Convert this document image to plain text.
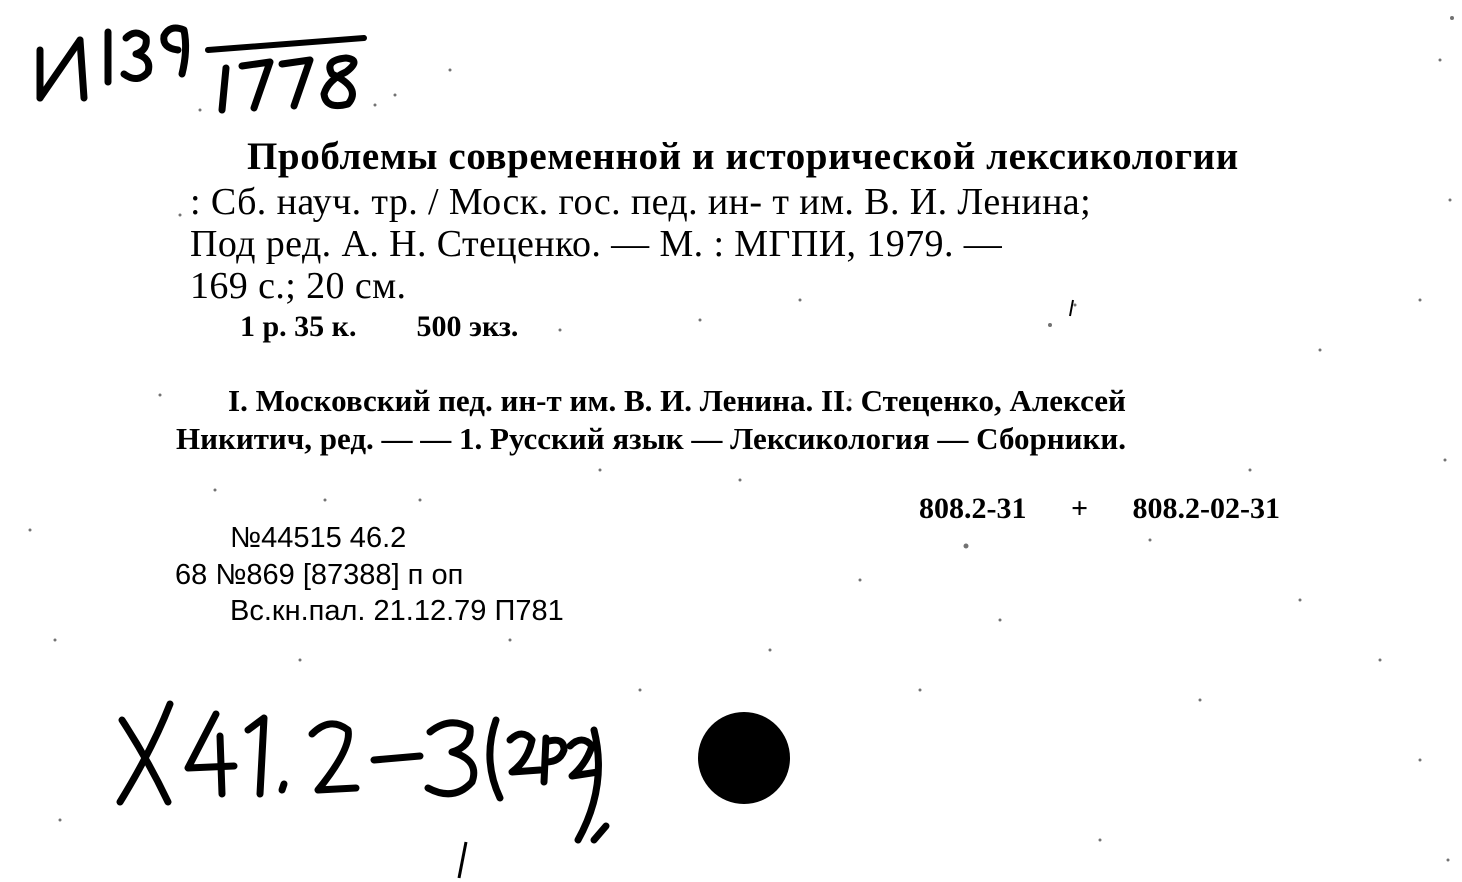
Проблемы современной и исторической лексикологии
: Сб. науч. тр. / Моск. гос. пед. ин- т им. В. И. Ленина;
Под ред. А. Н. Стеценко. — М. : МГПИ, 1979. —
169 с.; 20 см.
1 р. 35 к. 500 экз.
I. Московский пед. ин-т им. В. И. Ленина. II. Стеценко, Алексей
Никитич, ред. — — 1. Русский язык — Лексикология — Сборники.
808.2-31 + 808.2-02-31
№44515 46.2
68 №869 [87388] п оп
Вс.кн.пал. 21.12.79 П781
